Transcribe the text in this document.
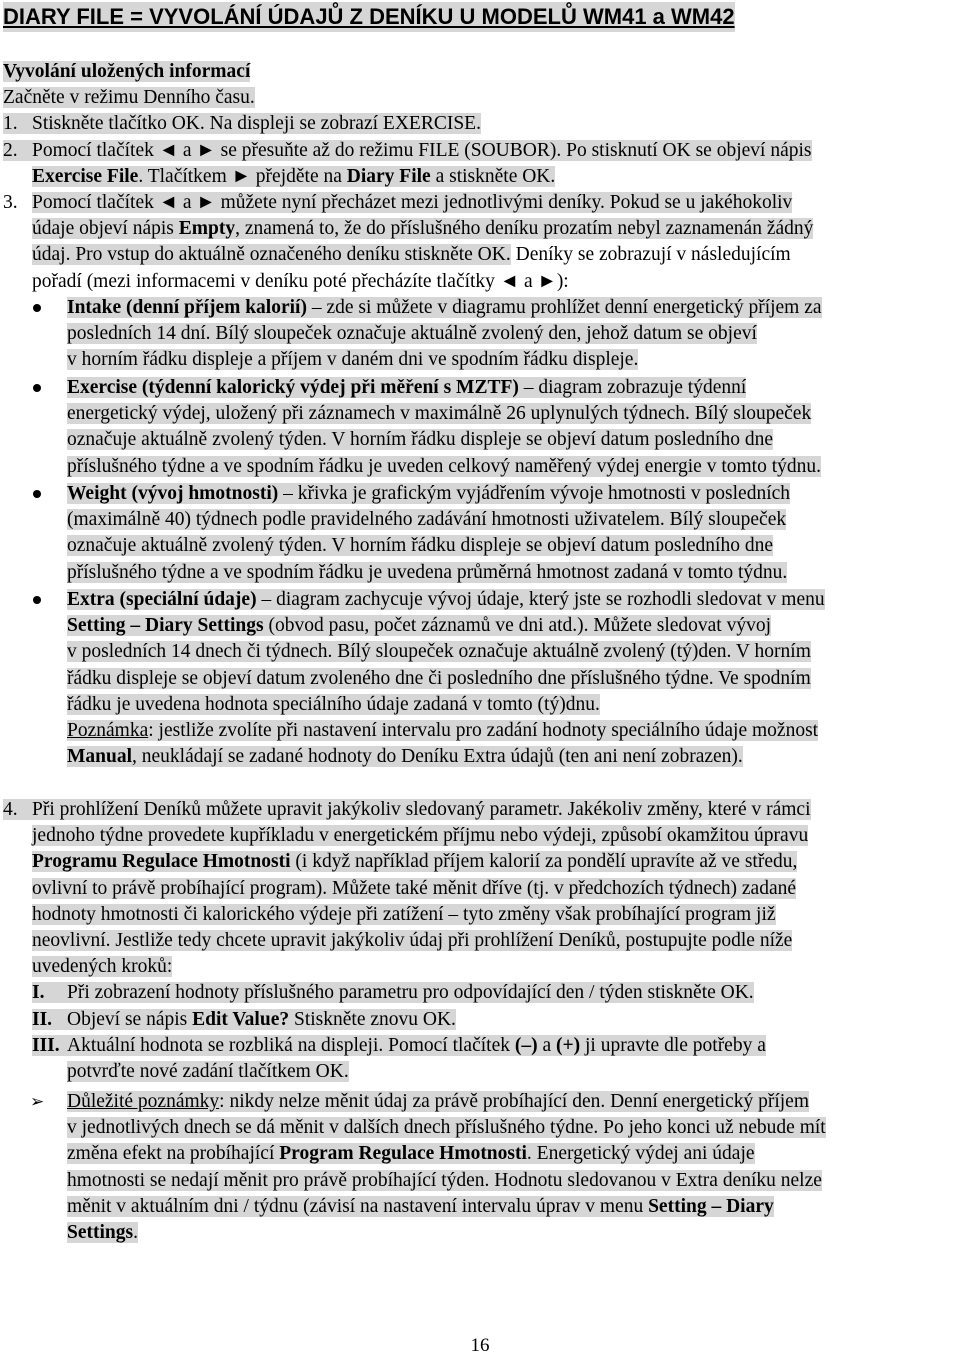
DIARY FILE = VYVOLÁNÍ ÚDAJŮ Z DENÍKU U MODELŮ WM41 a WM42
Vyvolání uložených informací
Začněte v režimu Denního času.
1. Stiskněte tlačítko OK. Na displeji se zobrazí EXERCISE.
2. Pomocí tlačítek ◄ a ► se přesuňte až do režimu FILE (SOUBOR). Po stisknutí OK se objeví nápis
Exercise File. Tlačítkem ► přejděte na Diary File a stiskněte OK.
3. Pomocí tlačítek ◄ a ► můžete nyní přecházet mezi jednotlivými deníky. Pokud se u jakéhokoliv
údaje objeví nápis Empty, znamená to, že do příslušného deníku prozatím nebyl zaznamenán žádný
údaj. Pro vstup do aktuálně označeného deníku stiskněte OK. Deníky se zobrazují v následujícím
pořadí (mezi informacemi v deníku poté přecházíte tlačítky ◄ a ►):
Intake (denní příjem kalorií) – zde si můžete v diagramu prohlížet denní energetický příjem za
posledních 14 dní. Bílý sloupeček označuje aktuálně zvolený den, jehož datum se objeví
v horním řádku displeje a příjem v daném dni ve spodním řádku displeje.
Exercise (týdenní kalorický výdej při měření s MZTF) – diagram zobrazuje týdenní
energetický výdej, uložený při záznamech v maximálně 26 uplynulých týdnech. Bílý sloupeček
označuje aktuálně zvolený týden. V horním řádku displeje se objeví datum posledního dne
příslušného týdne a ve spodním řádku je uveden celkový naměřený výdej energie v tomto týdnu.
Weight (vývoj hmotnosti) – křivka je grafickým vyjádřením vývoje hmotnosti v posledních
(maximálně 40) týdnech podle pravidelného zadávání hmotnosti uživatelem. Bílý sloupeček
označuje aktuálně zvolený týden. V horním řádku displeje se objeví datum posledního dne
příslušného týdne a ve spodním řádku je uvedena průměrná hmotnost zadaná v tomto týdnu.
Extra (speciální údaje) – diagram zachycuje vývoj údaje, který jste se rozhodli sledovat v menu
Setting – Diary Settings (obvod pasu, počet záznamů ve dni atd.). Můžete sledovat vývoj
v posledních 14 dnech či týdnech. Bílý sloupeček označuje aktuálně zvolený (tý)den. V horním
řádku displeje se objeví datum zvoleného dne či posledního dne příslušného týdne. Ve spodním
řádku je uvedena hodnota speciálního údaje zadaná v tomto (tý)dnu.
Poznámka: jestliže zvolíte při nastavení intervalu pro zadání hodnoty speciálního údaje možnost
Manual, neukládají se zadané hodnoty do Deníku Extra údajů (ten ani není zobrazen).
4. Při prohlížení Deníků můžete upravit jakýkoliv sledovaný parametr. Jakékoliv změny, které v rámci
jednoho týdne provedete kupříkladu v energetickém příjmu nebo výdeji, způsobí okamžitou úpravu
Programu Regulace Hmotnosti (i když například příjem kalorií za pondělí upravíte až ve středu,
ovlivní to právě probíhající program). Můžete také měnit dříve (tj. v předchozích týdnech) zadané
hodnoty hmotnosti či kalorického výdeje při zatížení – tyto změny však probíhající program již
neovlivní. Jestliže tedy chcete upravit jakýkoliv údaj při prohlížení Deníků, postupujte podle níže
uvedených kroků:
I. Při zobrazení hodnoty příslušného parametru pro odpovídající den / týden stiskněte OK.
II. Objeví se nápis Edit Value? Stiskněte znovu OK.
III. Aktuální hodnota se rozbliká na displeji. Pomocí tlačítek (–) a (+) ji upravte dle potřeby a
potvrďte nové zadání tlačítkem OK.
➢	Důležité poznámky: nikdy nelze měnit údaj za právě probíhající den. Denní energetický příjem
v jednotlivých dnech se dá měnit v dalších dnech příslušného týdne. Po jeho konci už nebude mít
změna efekt na probíhající Program Regulace Hmotnosti. Energetický výdej ani údaje
hmotnosti se nedají měnit pro právě probíhající týden. Hodnotu sledovanou v Extra deníku nelze
měnit v aktuálním dni / týdnu (závisí na nastavení intervalu úprav v menu Setting – Diary
Settings.
16
